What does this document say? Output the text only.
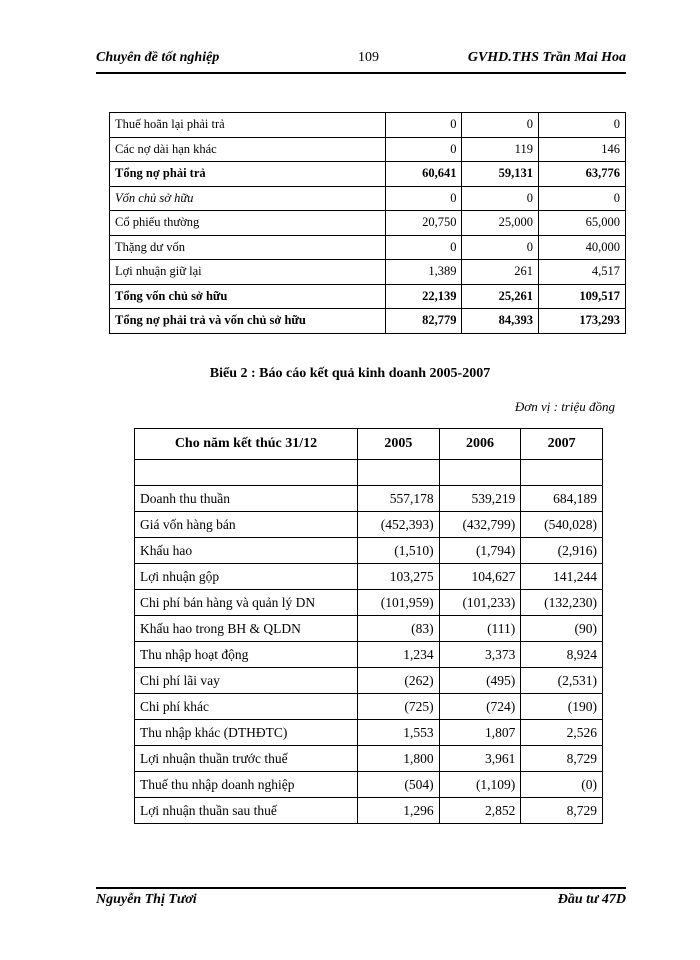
Chuyên đề tốt nghiệp	109	GVHD.THS Trần Mai Hoa
Thuế hoãn lại phải trả	0	0	0
Các nợ dài hạn khác	0	119	146
Tổng nợ phải trả	60,641	59,131	63,776
Vốn chủ sở hữu	0	0	0
Cổ phiếu thường	20,750	25,000	65,000
Thặng dư vốn	0	0	40,000
Lợi nhuận giữ lại	1,389	261	4,517
Tổng vốn chủ sở hữu	22,139	25,261	109,517
Tổng nợ phải trả và vốn chủ sở hữu	82,779	84,393	173,293
Biểu 2 : Báo cáo kết quả kinh doanh 2005-2007
Đơn vị : triệu đồng
Cho năm kết thúc 31/12	2005	2006	2007

Doanh thu thuần	557,178	539,219	684,189
Giá vốn hàng bán	(452,393)	(432,799)	(540,028)
Khấu hao	(1,510)	(1,794)	(2,916)
Lợi nhuận gộp	103,275	104,627	141,244
Chi phí bán hàng và quản lý DN	(101,959)	(101,233)	(132,230)
Khấu hao trong BH & QLDN	(83)	(111)	(90)
Thu nhập hoạt động	1,234	3,373	8,924
Chi phí lãi vay	(262)	(495)	(2,531)
Chi phí khác	(725)	(724)	(190)
Thu nhập khác (DTHĐTC)	1,553	1,807	2,526
Lợi nhuận thuần trước thuế	1,800	3,961	8,729
Thuế thu nhập doanh nghiệp	(504)	(1,109)	(0)
Lợi nhuận thuần sau thuế	1,296	2,852	8,729
Nguyễn Thị Tươi	Đầu tư 47D
